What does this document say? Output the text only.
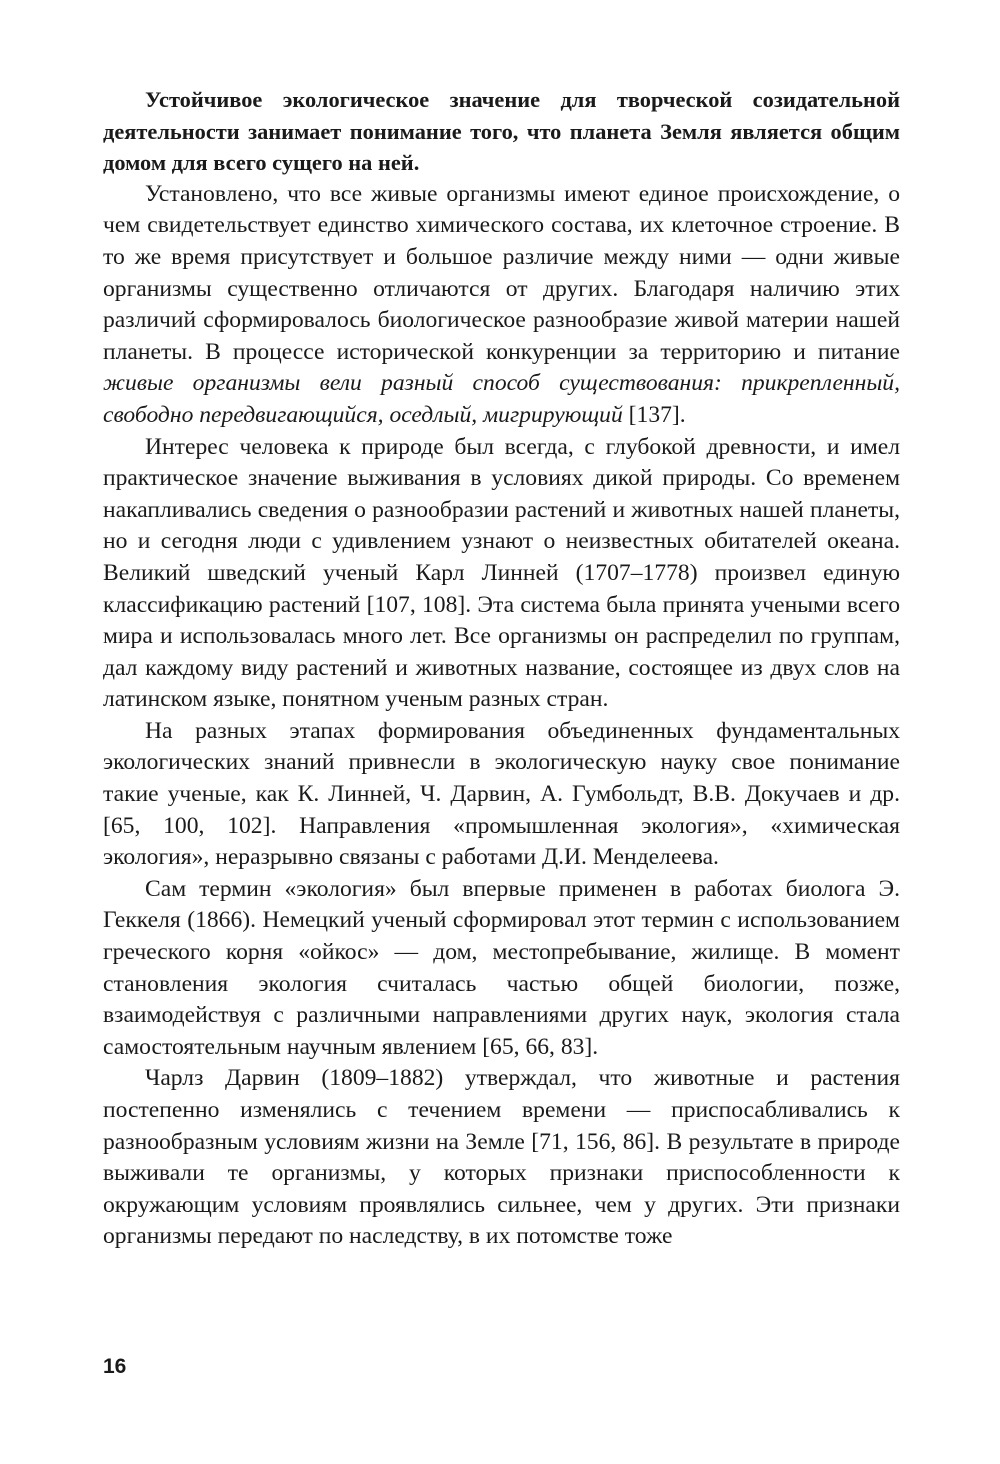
Устойчивое экологическое значение для творческой созидательной деятельности занимает понимание того, что планета Земля является общим домом для всего сущего на ней.

Установлено, что все живые организмы имеют единое происхождение, о чем свидетельствует единство химического состава, их клеточное строение. В то же время присутствует и большое различие между ними — одни живые организмы существенно отличаются от других. Благодаря наличию этих различий сформировалось биологическое разнообразие живой материи нашей планеты. В процессе исторической конкуренции за территорию и питание живые организмы вели разный способ существования: прикрепленный, свободно передвигающийся, оседлый, мигрирующий [137].

Интерес человека к природе был всегда, с глубокой древности, и имел практическое значение выживания в условиях дикой природы. Со временем накапливались сведения о разнообразии растений и животных нашей планеты, но и сегодня люди с удивлением узнают о неизвестных обитателей океана. Великий шведский ученый Карл Линней (1707–1778) произвел единую классификацию растений [107, 108]. Эта система была принята учеными всего мира и использовалась много лет. Все организмы он распределил по группам, дал каждому виду растений и животных название, состоящее из двух слов на латинском языке, понятном ученым разных стран.

На разных этапах формирования объединенных фундаментальных экологических знаний привнесли в экологическую науку свое понимание такие ученые, как К. Линней, Ч. Дарвин, А. Гумбольдт, В.В. Докучаев и др. [65, 100, 102]. Направления «промышленная экология», «химическая экология», неразрывно связаны с работами Д.И. Менделеева.

Сам термин «экология» был впервые применен в работах биолога Э. Геккеля (1866). Немецкий ученый сформировал этот термин с использованием греческого корня «ойкос» — дом, местопребывание, жилище. В момент становления экология считалась частью общей биологии, позже, взаимодействуя с различными направлениями других наук, экология стала самостоятельным научным явлением [65, 66, 83].

Чарлз Дарвин (1809–1882) утверждал, что животные и растения постепенно изменялись с течением времени — приспосабливались к разнообразным условиям жизни на Земле [71, 156, 86]. В результате в природе выживали те организмы, у которых признаки приспособленности к окружающим условиям проявлялись сильнее, чем у других. Эти признаки организмы передают по наследству, в их потомстве тоже

16
